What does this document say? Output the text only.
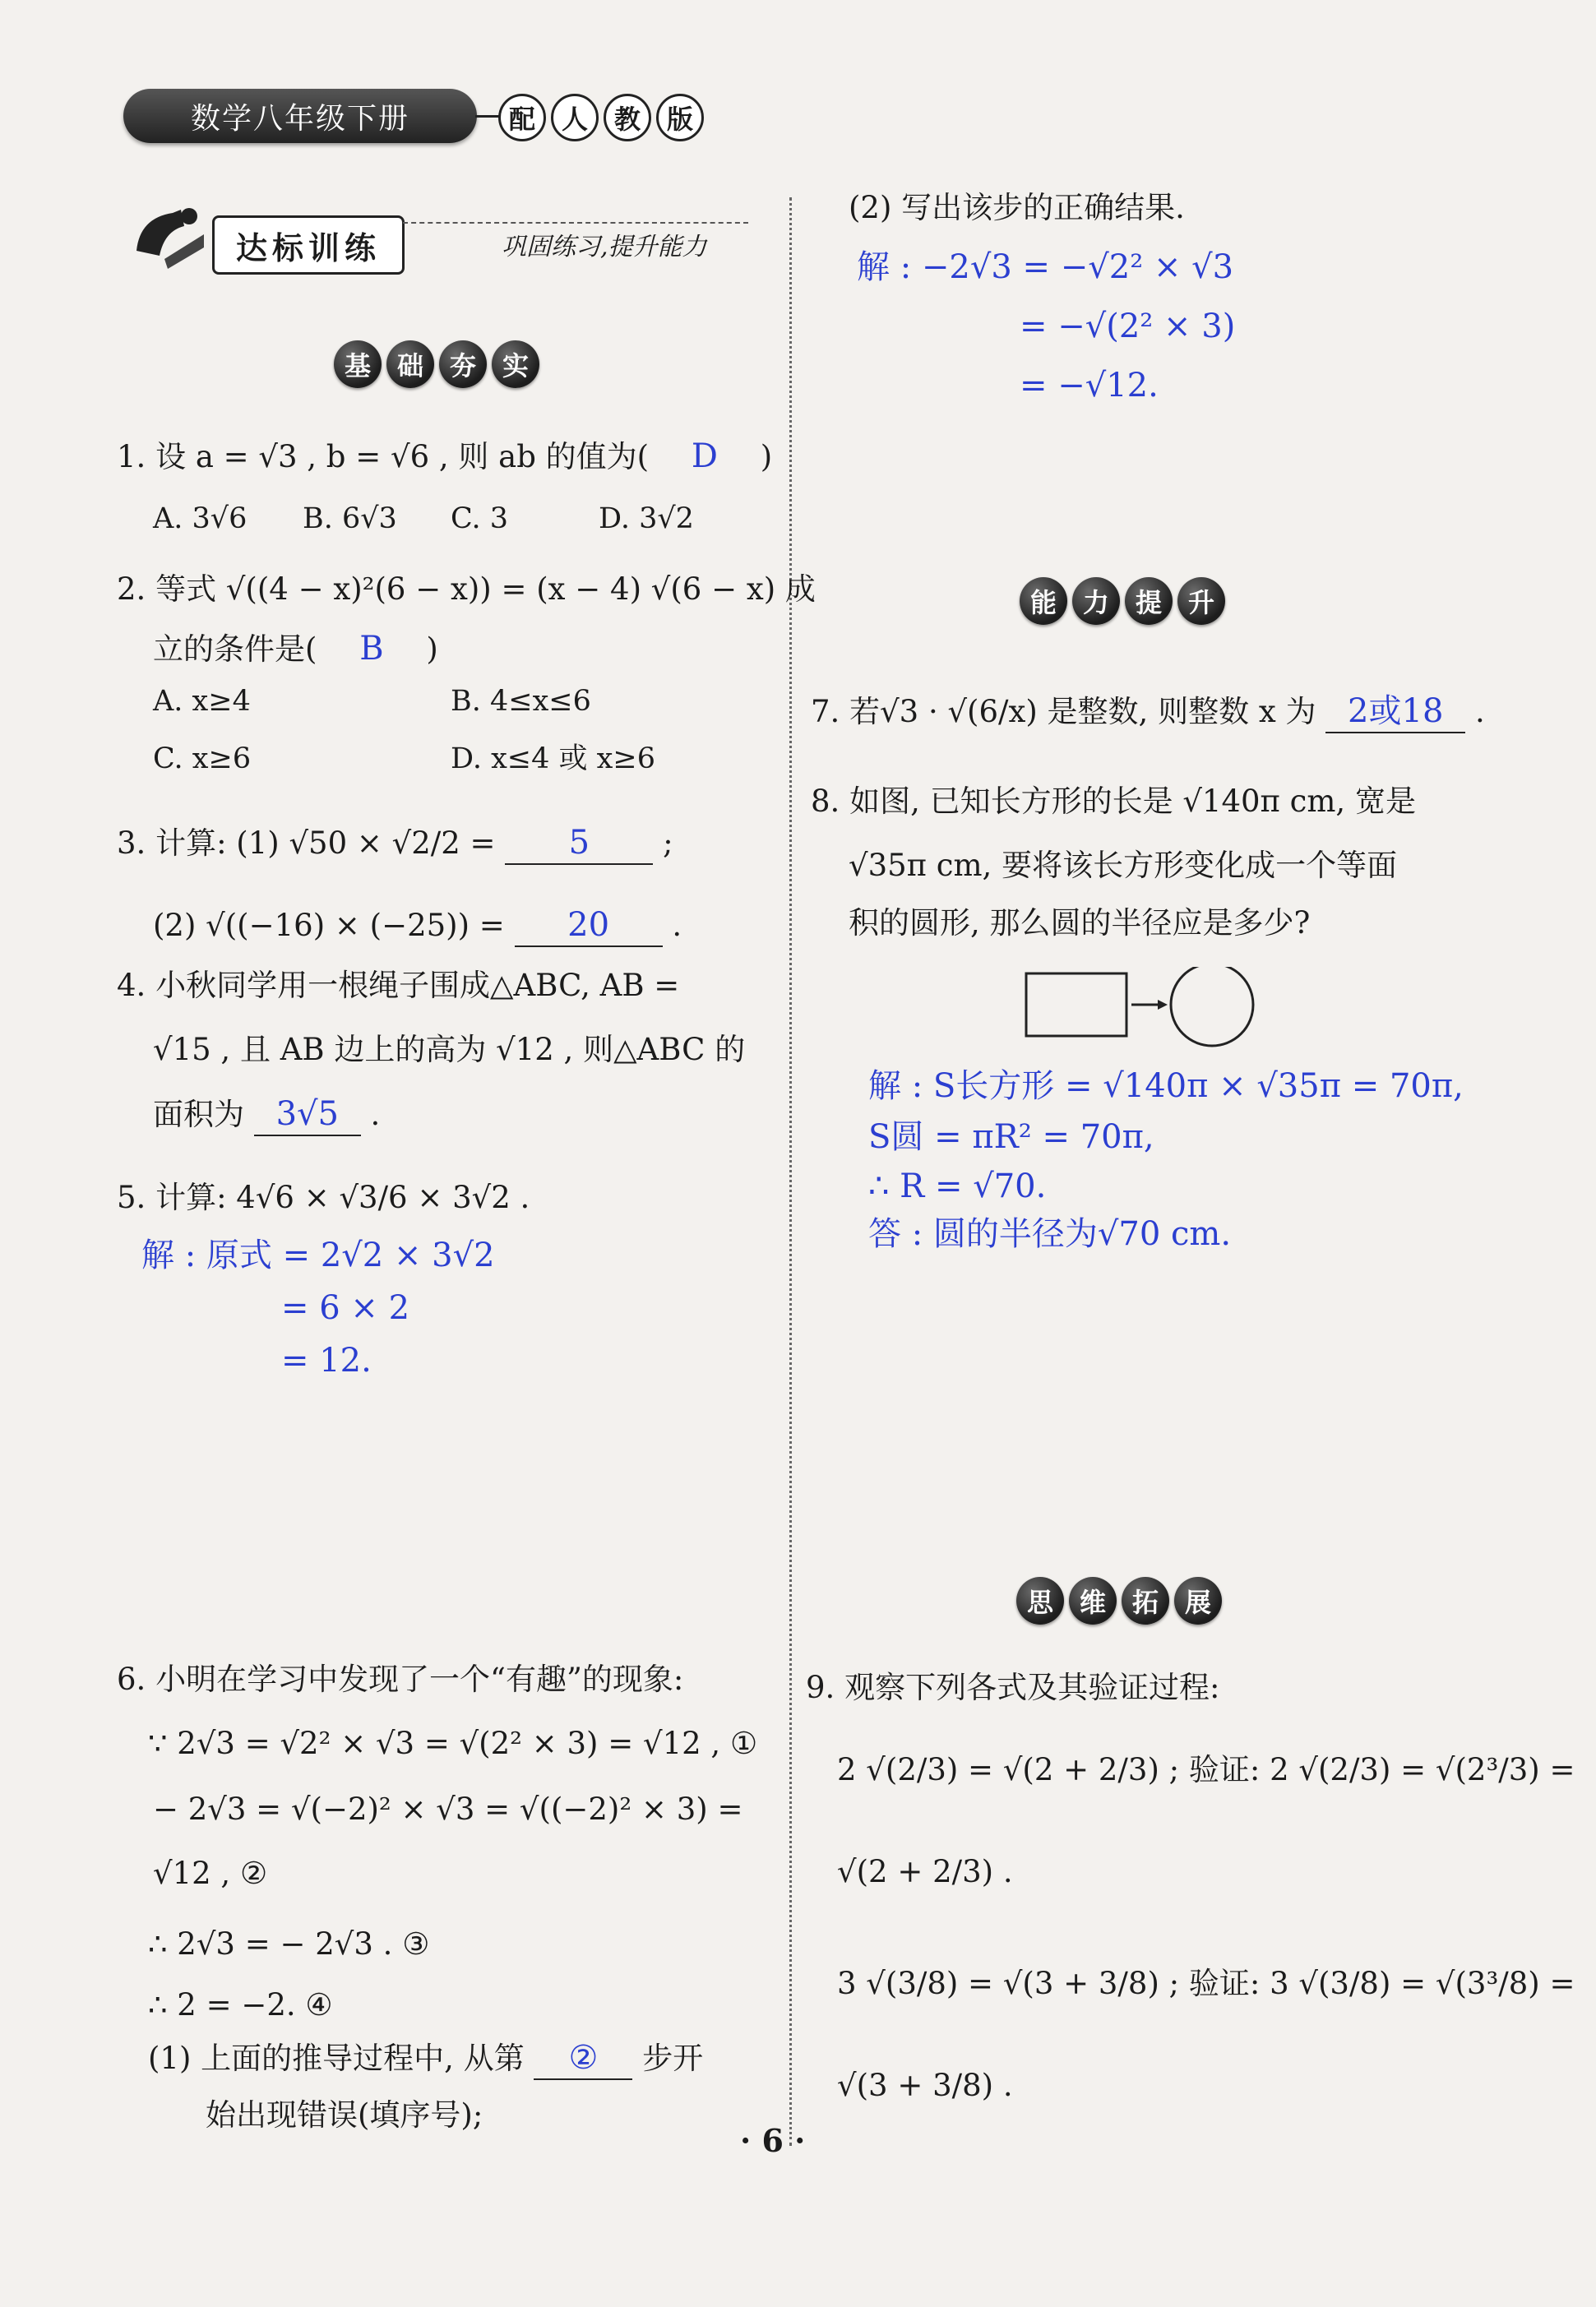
数学八年级下册	配 人 教 版
达标训练	巩固练习,提升能力
基 础 夯 实
能 力 提 升
思 维 拓 展
1. 设 a = √3 , b = √6 , 则 ab 的值为( D )
A. 3√6 B. 6√3 C. 3	D. 3√2
2. 等式 √((4 − x)²(6 − x)) = (x − 4) √(6 − x) 成
立的条件是( B )
A. x≥4	B. 4≤x≤6
C. x≥6	D. x≤4 或 x≥6
3. 计算: (1) √50 × √2/2 = 5 ;
(2) √((−16) × (−25)) = 20 .
4. 小秋同学用一根绳子围成△ABC, AB =
√15 , 且 AB 边上的高为 √12 , 则△ABC 的
面积为 3√5 .
5. 计算: 4√6 × √3/6 × 3√2 .
解 : 原式 = 2√2 × 3√2
= 6 × 2
= 12.
6. 小明在学习中发现了一个“有趣”的现象:
∵ 2√3 = √2² × √3 = √(2² × 3) = √12 , ①
− 2√3 = √(−2)² × √3 = √((−2)² × 3) =
√12 , ②
∴ 2√3 = − 2√3 . ③
∴ 2 = −2. ④
(1) 上面的推导过程中, 从第 ② 步开
始出现错误(填序号);
(2) 写出该步的正确结果.
解 : −2√3 = −√2² × √3
= −√(2² × 3)
= −√12.
7. 若√3 · √(6/x) 是整数, 则整数 x 为 2或18 .
8. 如图, 已知长方形的长是 √140π cm, 宽是
√35π cm, 要将该长方形变化成一个等面
积的圆形, 那么圆的半径应是多少?
解 : S长方形 = √140π × √35π = 70π,
S圆 = πR² = 70π,
∴ R = √70.
答 : 圆的半径为√70 cm.
9. 观察下列各式及其验证过程:
2 √(2/3) = √(2 + 2/3) ; 验证: 2 √(2/3) = √(2³/3) =
√(2 + 2/3) .
3 √(3/8) = √(3 + 3/8) ; 验证: 3 √(3/8) = √(3³/8) =
√(3 + 3/8) .
· 6 ·
